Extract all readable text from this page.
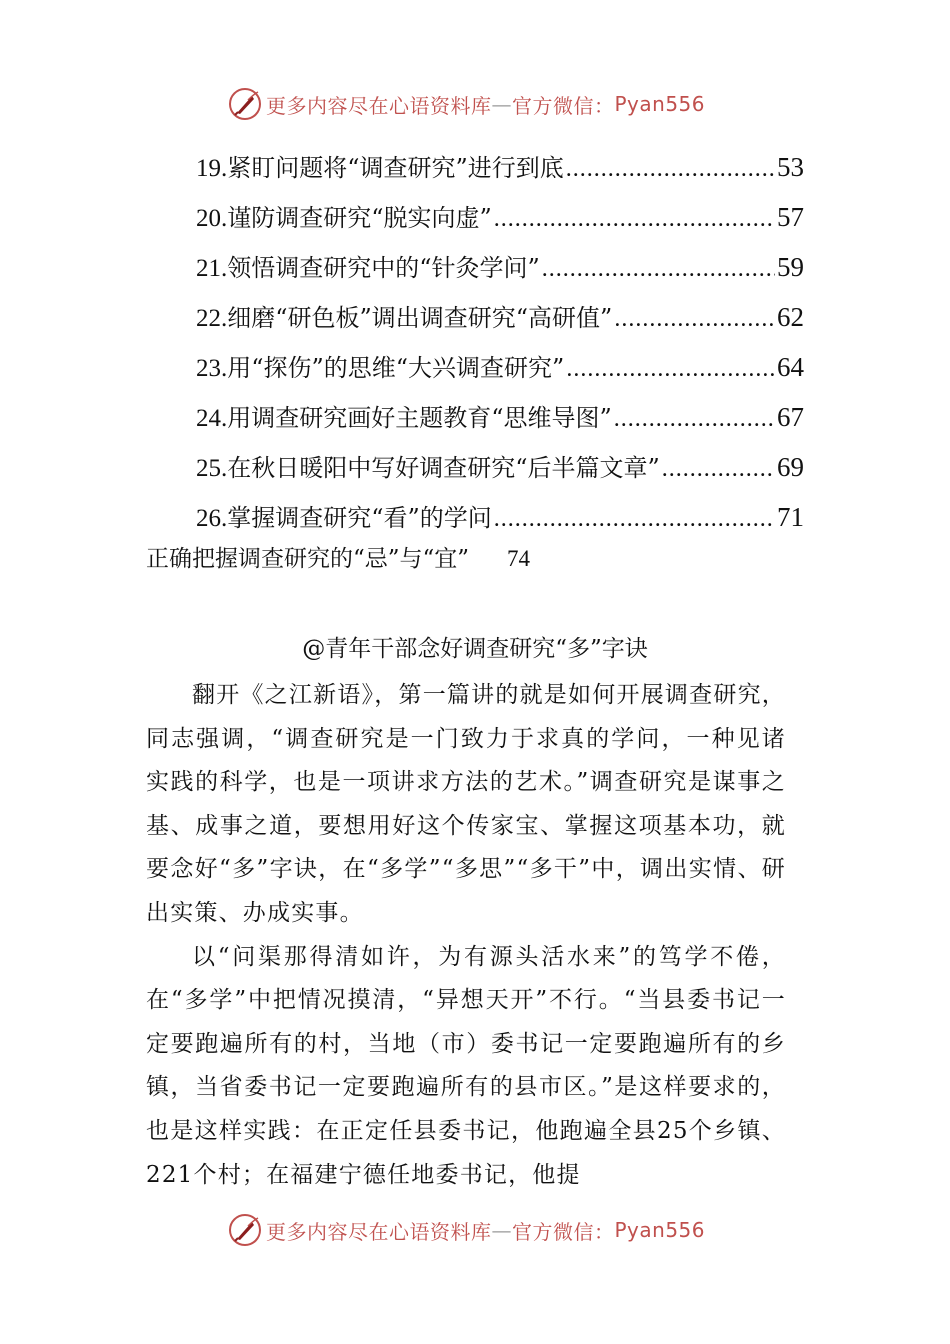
更多内容尽在心语资料库 — 官方微信： Pyan556
19.紧盯问题将“调查研究”进行到底 .....	53
20.谨防调查研究“脱实向虚” .....	57
21.领悟调查研究中的“针灸学问” .....	59
22.细磨“研色板”调出调查研究“高研值” .....	62
23.用“探伤”的思维“大兴调查研究” .....	64
24.用调查研究画好主题教育“思维导图” .....	67
25.在秋日暖阳中写好调查研究“后半篇文章” .....	69
26.掌握调查研究“看”的学问 .....	71
正确把握调查研究的“忌”与“宜” 74
@青年干部念好调查研究“多”字诀

翻开《之江新语》，第一篇讲的就是如何开展调查研究，同志强调，“调查研究是一门致力于求真的学问，一种见诸实践的科学，也是一项讲求方法的艺术。”调查研究是谋事之基、成事之道，要想用好这个传家宝、掌握这项基本功，就要念好“多”字诀，在“多学”“多思”“多干”中，调出实情、研出实策、办成实事。

以“问渠那得清如许，为有源头活水来”的笃学不倦，在“多学”中把情况摸清，“异想天开”不行。“当县委书记一定要跑遍所有的村，当地（市）委书记一定要跑遍所有的乡镇，当省委书记一定要跑遍所有的县市区。”是这样要求的，也是这样实践：在正定任县委书记，他跑遍全县25个乡镇、221个村；在福建宁德任地委书记，他提

更多内容尽在心语资料库 — 官方微信： Pyan556
